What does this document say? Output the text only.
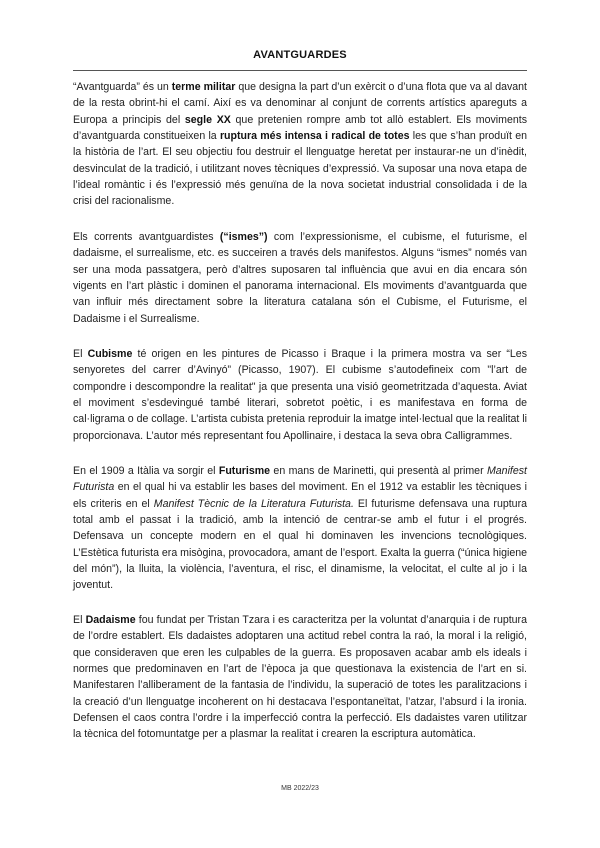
AVANTGUARDES

“Avantguarda” és un terme militar que designa la part d’un exèrcit o d’una flota que va al davant de la resta obrint-hi el camí. Així es va denominar al conjunt de corrents artístics apareguts a Europa a principis del segle XX que pretenien rompre amb tot allò establert. Els moviments d’avantguarda constitueixen la ruptura més intensa i radical de totes les que s’han produït en la història de l’art. El seu objectiu fou destruir el llenguatge heretat per instaurar-ne un d’inèdit, desvinculat de la tradició, i utilitzant noves tècniques d’expressió. Va suposar una nova etapa de l’ideal romàntic i és l’expressió més genuïna de la nova societat industrial consolidada i de la crisi del racionalisme.

Els corrents avantguardistes (“ismes”) com l’expressionisme, el cubisme, el futurisme, el dadaisme, el surrealisme, etc. es succeiren a través dels manifestos. Alguns “ismes” només van ser una moda passatgera, però d’altres suposaren tal influència que avui en dia encara són vigents en l’art plàstic i dominen el panorama internacional. Els moviments d’avantguarda que van influir més directament sobre la literatura catalana són el Cubisme, el Futurisme, el Dadaisme i el Surrealisme.

El Cubisme té origen en les pintures de Picasso i Braque i la primera mostra va ser “Les senyoretes del carrer d’Avinyó” (Picasso, 1907). El cubisme s’autodefineix com "l’art de compondre i descompondre la realitat" ja que presenta una visió geometritzada d’aquesta. Aviat el moviment s’esdevingué també literari, sobretot poètic, i es manifestava en forma de cal·ligrama o de collage. L’artista cubista pretenia reproduir la imatge intel·lectual que la realitat li proporcionava. L’autor més representant fou Apollinaire, i destaca la seva obra Calligrammes.

En el 1909 a Itàlia va sorgir el Futurisme en mans de Marinetti, qui presentà al primer Manifest Futurista en el qual hi va establir les bases del moviment. En el 1912 va establir les tècniques i els criteris en el Manifest Tècnic de la Literatura Futurista. El futurisme defensava una ruptura total amb el passat i la tradició, amb la intenció de centrar-se amb el futur i el progrés. Defensava un concepte modern en el qual hi dominaven les invencions tecnològiques. L’Estètica futurista era misògina, provocadora, amant de l’esport. Exalta la guerra (“única higiene del món”), la lluita, la violència, l’aventura, el risc, el dinamisme, la velocitat, el culte al jo i la joventut.

El Dadaisme fou fundat per Tristan Tzara i es caracteritza per la voluntat d’anarquia i de ruptura de l’ordre establert. Els dadaistes adoptaren una actitud rebel contra la raó, la moral i la religió, que consideraven que eren les culpables de la guerra. Es proposaven acabar amb els ideals i normes que predominaven en l’art de l’època ja que questionava la existencia de l’art en si. Manifestaren l’alliberament de la fantasia de l’individu, la superació de totes les paralitzacions i la creació d’un llenguatge incoherent on hi destacava l’espontaneïtat, l’atzar, l’absurd i la ironia. Defensen el caos contra l’ordre i la imperfecció contra la perfecció. Els dadaistes varen utilitzar la tècnica del fotomuntatge per a plasmar la realitat i crearen la escriptura automàtica.

MB 2022/23
